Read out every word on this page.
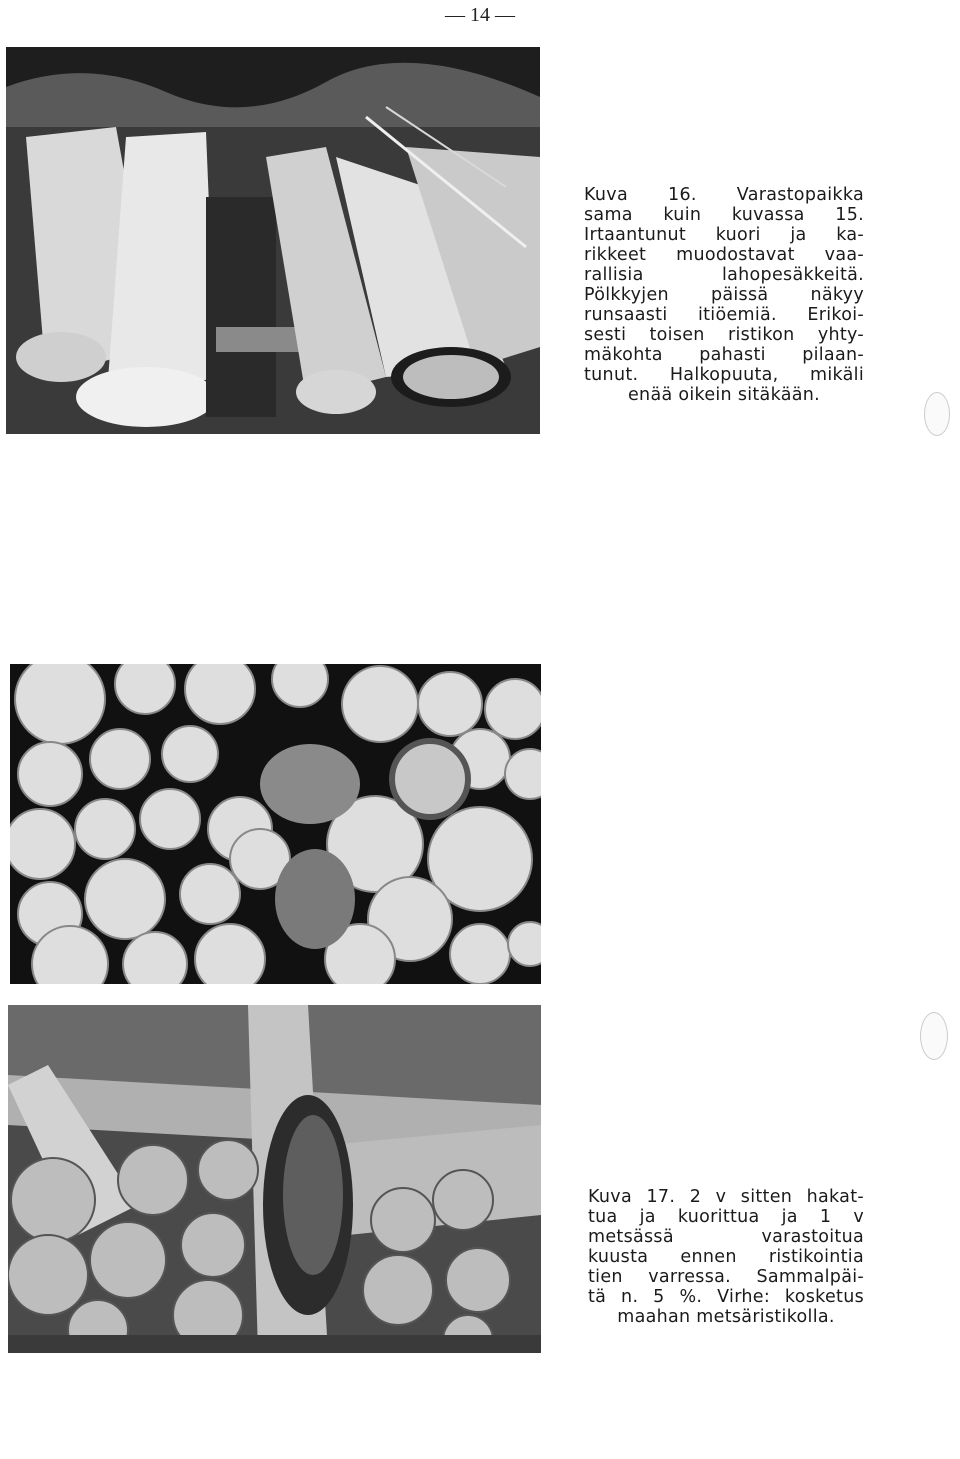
— 14 —
Kuva 16. Varastopaikka
sama kuin kuvassa 15.
Irtaantunut kuori ja ka-
rikkeet muodostavat vaa-
rallisia lahopesäkkeitä.
Pölkkyjen päissä näkyy
runsaasti itiöemiä. Erikoi-
sesti toisen ristikon yhty-
mäkohta pahasti pilaan-
tunut. Halkopuuta, mikäli
enää oikein sitäkään.
Kuva 17. 2 v sitten hakat-
tua ja kuorittua ja 1 v
metsässä varastoitua
kuusta ennen ristikointia
tien varressa. Sammalpäi-
tä n. 5 %. Virhe: kosketus
maahan metsäristikolla.
